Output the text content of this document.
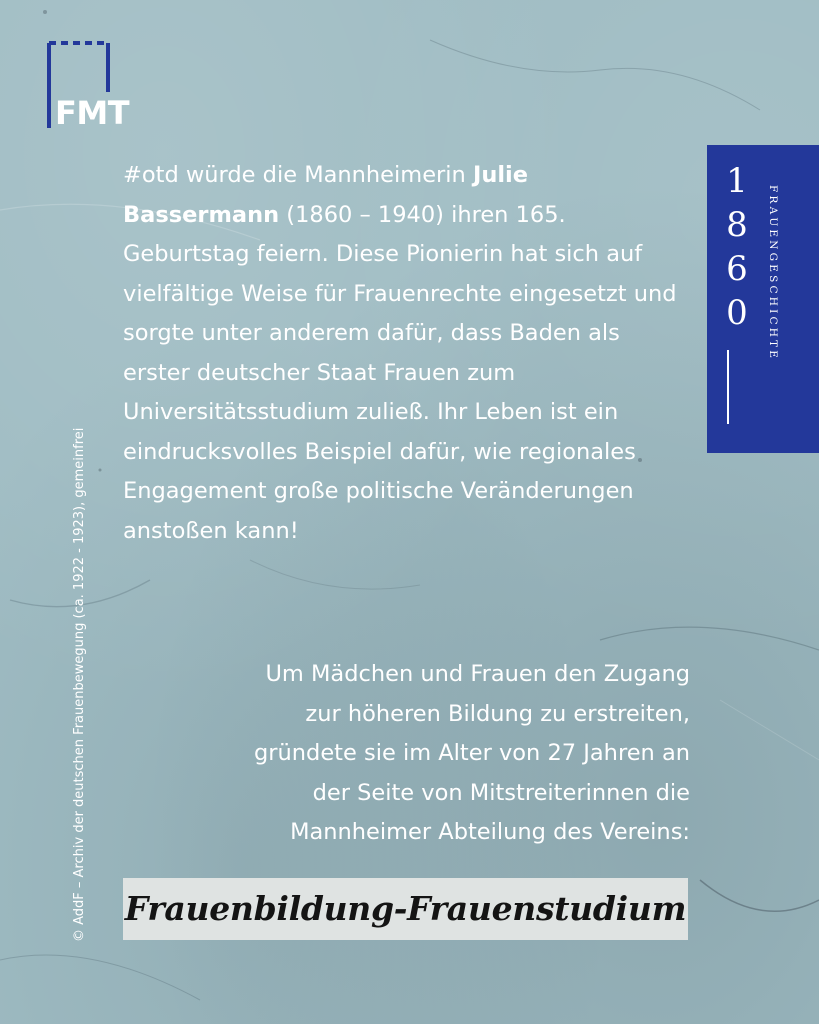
FMT
1
8
6
0	FRAUENGESCHICHTE
#otd würde die Mannheimerin Julie Bassermann (1860 – 1940) ihren 165. Geburtstag feiern. Diese Pionierin hat sich auf vielfältige Weise für Frauenrechte eingesetzt und sorgte unter anderem dafür, dass Baden als erster deutscher Staat Frauen zum Universitätsstudium zuließ. Ihr Leben ist ein eindrucksvolles Beispiel dafür, wie regionales Engagement große politische Veränderungen anstoßen kann!
Um Mädchen und Frauen den Zugang
zur höheren Bildung zu erstreiten,
gründete sie im Alter von 27 Jahren an
der Seite von Mitstreiterinnen die
Mannheimer Abteilung des Vereins:
Frauenbildung-Frauenstudium
© AddF – Archiv der deutschen Frauenbewegung (ca. 1922 - 1923), gemeinfrei
